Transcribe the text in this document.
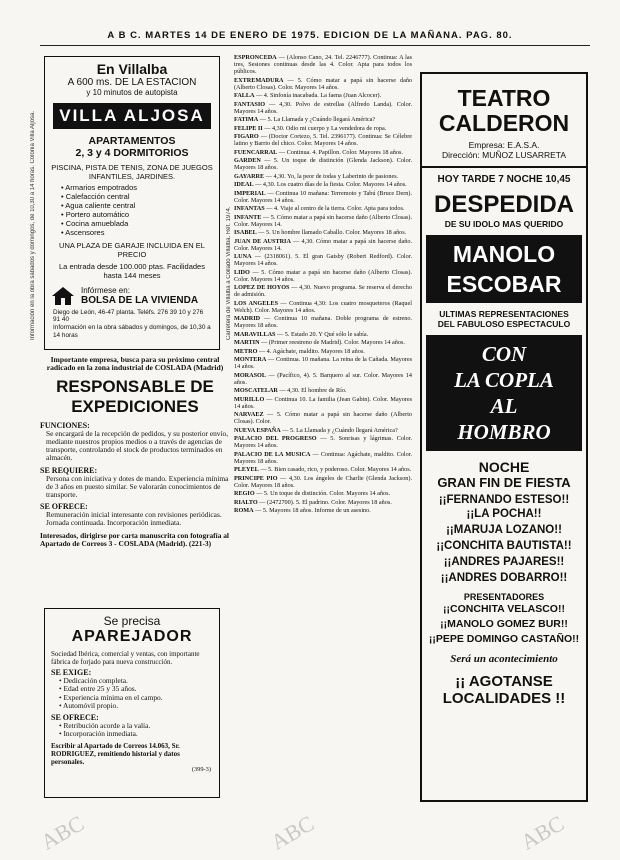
A B C. MARTES 14 DE ENERO DE 1975. EDICION DE LA MAÑANA. PAG. 80.
En Villalba
A 600 ms. DE LA ESTACION
y 10 minutos de autopista
VILLA ALJOSA
APARTAMENTOS
2, 3 y 4 DORMITORIOS
PISCINA, PISTA DE TENIS, ZONA DE JUEGOS INFANTILES, JARDINES.
• Armarios empotrados
• Calefacción central
• Agua caliente central
• Portero automático
• Cocina amueblada
• Ascensores
UNA PLAZA DE GARAJE INCLUIDA EN EL PRECIO
La entrada desde 100.000 ptas. Facilidades hasta 144 meses
Infórmese en:
BOLSA DE LA VIVIENDA
Diego de León, 46-47 planta. Teléfs. 276 39 10 y 276 91 40
Información en la obra sábados y domingos, de 10,30 a 14 horas
Información en la obra sábados y domingos, de 10,30 a 14 horas. Colonia Villa Aljosa.	Carretera de Villalba a Collado Villalba. Ref. 1974.
Importante empresa, busca para su próximo central radicado en la zona industrial de COSLADA (Madrid)
RESPONSABLE DE EXPEDICIONES
FUNCIONES:
Se encargará de la recepción de pedidos, y su posterior envío, mediante nuestros propios medios o a través de agencias de transporte, controlando el stock de productos terminados en almacén.
SE REQUIERE:
Persona con iniciativa y dotes de mando. Experiencia mínima de 3 años en puesto similar. Se valorarán conocimientos de transporte.
SE OFRECE:
Remuneración inicial interesante con revisiones periódicas. Jornada continuada. Incorporación inmediata.
Interesados, dirigirse por carta manuscrita con fotografía al Apartado de Correos 3 - COSLADA (Madrid). (221-3)
Se precisa
APAREJADOR
Sociedad Ibérica, comercial y ventas, con importante fábrica de forjado para nueva construcción.
SE EXIGE:
• Dedicación completa.
• Edad entre 25 y 35 años.
• Experiencia mínima en el campo.
• Automóvil propio.
SE OFRECE:
• Retribución acorde a la valía.
• Incorporación inmediata.
Escribir al Apartado de Correos 14.063, Sr. RODRIGUEZ, remitiendo historial y datos personales.
(399-3)

ESPRONCEDA — (Alonso Cano, 24. Tel. 2246777). Continua: A las tres, Sesiones continuas desde las 4. Color. Apta para todos los públicos.

EXTREMADURA — 5. Cómo matar a papá sin hacerse daño (Alberto Closas). Color. Mayores 14 años.

FALLA — 4. Sinfonía inacabada. La faena (Juan Alcocer).

FANTASIO — 4,30. Polvo de estrellas (Alfredo Landa). Color. Mayores 14 años.

FATIMA — 5. La Llamada y ¿Cuándo llegará América?

FELIPE II — 4,30. Odio mi cuerpo y La vendedora de ropa.

FIGARO — (Doctor Cortezo, 5. Tel. 2396177). Continua: Se Célebre latino y Barrio del chico. Color. Mayores 14 años.

FUENCARRAL — Continua. 4. Papillon. Color. Mayores 18 años.

GARDEN — 5. Un toque de distinción (Glenda Jackson). Color. Mayores 18 años.

GAYARRE — 4,30. Yo, la peor de todas y Laberinto de pasiones.

IDEAL — 4,30. Los cuatro días de la fiesta. Color. Mayores 14 años.

IMPERIAL — Continua 10 mañana: Terremoto y Tabú (Bruce Dern). Color. Mayores 14 años.

INFANTAS — 4. Viaje al centro de la tierra. Color. Apta para todos.

INFANTE — 5. Cómo matar a papá sin hacerse daño (Alberto Closas). Color. Mayores 14.

ISABEL — 5. Un hombre llamado Caballo. Color. Mayores 18 años.

JUAN DE AUSTRIA — 4,30. Cómo matar a papá sin hacerse daño. Color. Mayores 14.

LUNA — (2318061). 5. El gran Gatsby (Robert Redford). Color. Mayores 14 años.

LIDO — 5. Cómo matar a papá sin hacerse daño (Alberto Closas). Color. Mayores 14 años.

LOPEZ DE HOYOS — 4,30. Nuevo programa. Se reserva el derecho de admisión.

LOS ANGELES — Continua 4,30: Los cuatro mosqueteros (Raquel Welch). Color. Mayores 14 años.

MADRID — Continua 10 mañana. Doble programa de estreno. Mayores 18 años.

MARAVILLAS — 5. Estado 20. Y Qué sólo le sabía.

MARTIN — (Primer reestreno de Madrid). Color. Mayores 14 años.

METRO — 4. Agáchate, maldito. Mayores 18 años.

MONTERA — Continua. 10 mañana. La reina de la Cañada. Mayores 14 años.

MORASOL — (Pacífico, 4). 5. Barquero al sur. Color. Mayores 14 años.

MOSCATELAR — 4,30. El hombre de Río.

MURILLO — Continua 10. La familia (Jean Gabin). Color. Mayores 14 años.

NARVAEZ — 5. Cómo matar a papá sin hacerse daño (Alberto Closas). Color.

NUEVA ESPAÑA — 5. La Llamada y ¿Cuándo llegará América?

PALACIO DEL PROGRESO — 5. Sonrisas y lágrimas. Color. Mayores 14 años.

PALACIO DE LA MUSICA — Continua: Agáchate, maldito. Color. Mayores 18 años.

PLEYEL — 5. Bien casado, rico, y poderoso. Color. Mayores 14 años.

PRINCIPE PIO — 4,30. Los ángeles de Charlie (Glenda Jackson). Color. Mayores 18 años.

REGIO — 5. Un toque de distinción. Color. Mayores 14 años.

RIALTO — (2472700). 5. El padrino. Color. Mayores 18 años.

ROMA — 5. Mayores 18 años. Informe de un asesino.

TEATRO
CALDERON
Empresa: E.A.S.A.
Dirección: MUÑOZ LUSARRETA
HOY TARDE 7 NOCHE 10,45
DESPEDIDA
DE SU IDOLO MAS QUERIDO
MANOLO
ESCOBAR
ULTIMAS REPRESENTACIONES
DEL FABULOSO ESPECTACULO
CON
LA COPLA
AL
HOMBRO
NOCHE
GRAN FIN DE FIESTA
¡¡FERNANDO ESTESO!!
¡¡LA POCHA!!
¡¡MARUJA LOZANO!!
¡¡CONCHITA BAUTISTA!!
¡¡ANDRES PAJARES!!
¡¡ANDRES DOBARRO!!
PRESENTADORES
¡¡CONCHITA VELASCO!!
¡¡MANOLO GOMEZ BUR!!
¡¡PEPE DOMINGO CASTAÑO!!
Será un acontecimiento
¡¡ AGOTANSE
LOCALIDADES !!
ABC	ABC	ABC
